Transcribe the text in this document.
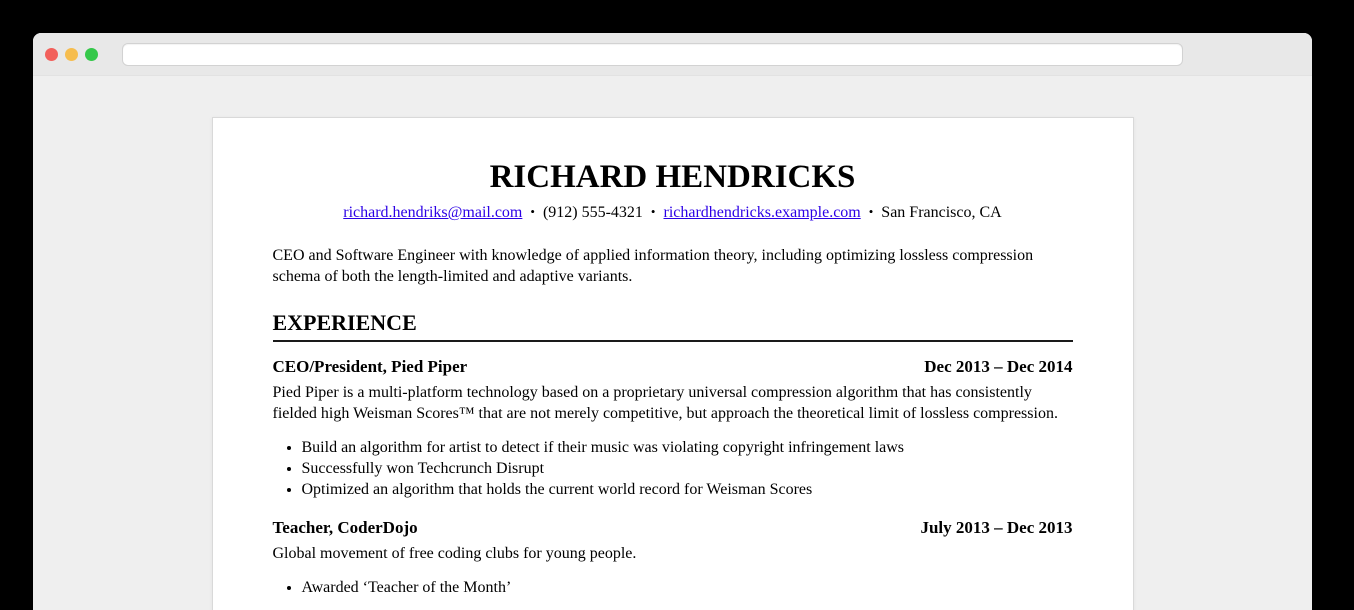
RICHARD HENDRICKS
richard.hendriks@mail.com • (912) 555-4321 • richardhendricks.example.com • San Francisco, CA

CEO and Software Engineer with knowledge of applied information theory, including optimizing lossless compression schema of both the length-limited and adaptive variants.

EXPERIENCE
CEO/President, Pied Piper	Dec 2013 – Dec 2014
Pied Piper is a multi-platform technology based on a proprietary universal compression algorithm that has consistently fielded high Weisman Scores™ that are not merely competitive, but approach the theoretical limit of lossless compression.
• Build an algorithm for artist to detect if their music was violating copyright infringement laws
• Successfully won Techcrunch Disrupt
• Optimized an algorithm that holds the current world record for Weisman Scores
Teacher, CoderDojo	July 2013 – Dec 2013
Global movement of free coding clubs for young people.
• Awarded ‘Teacher of the Month’
